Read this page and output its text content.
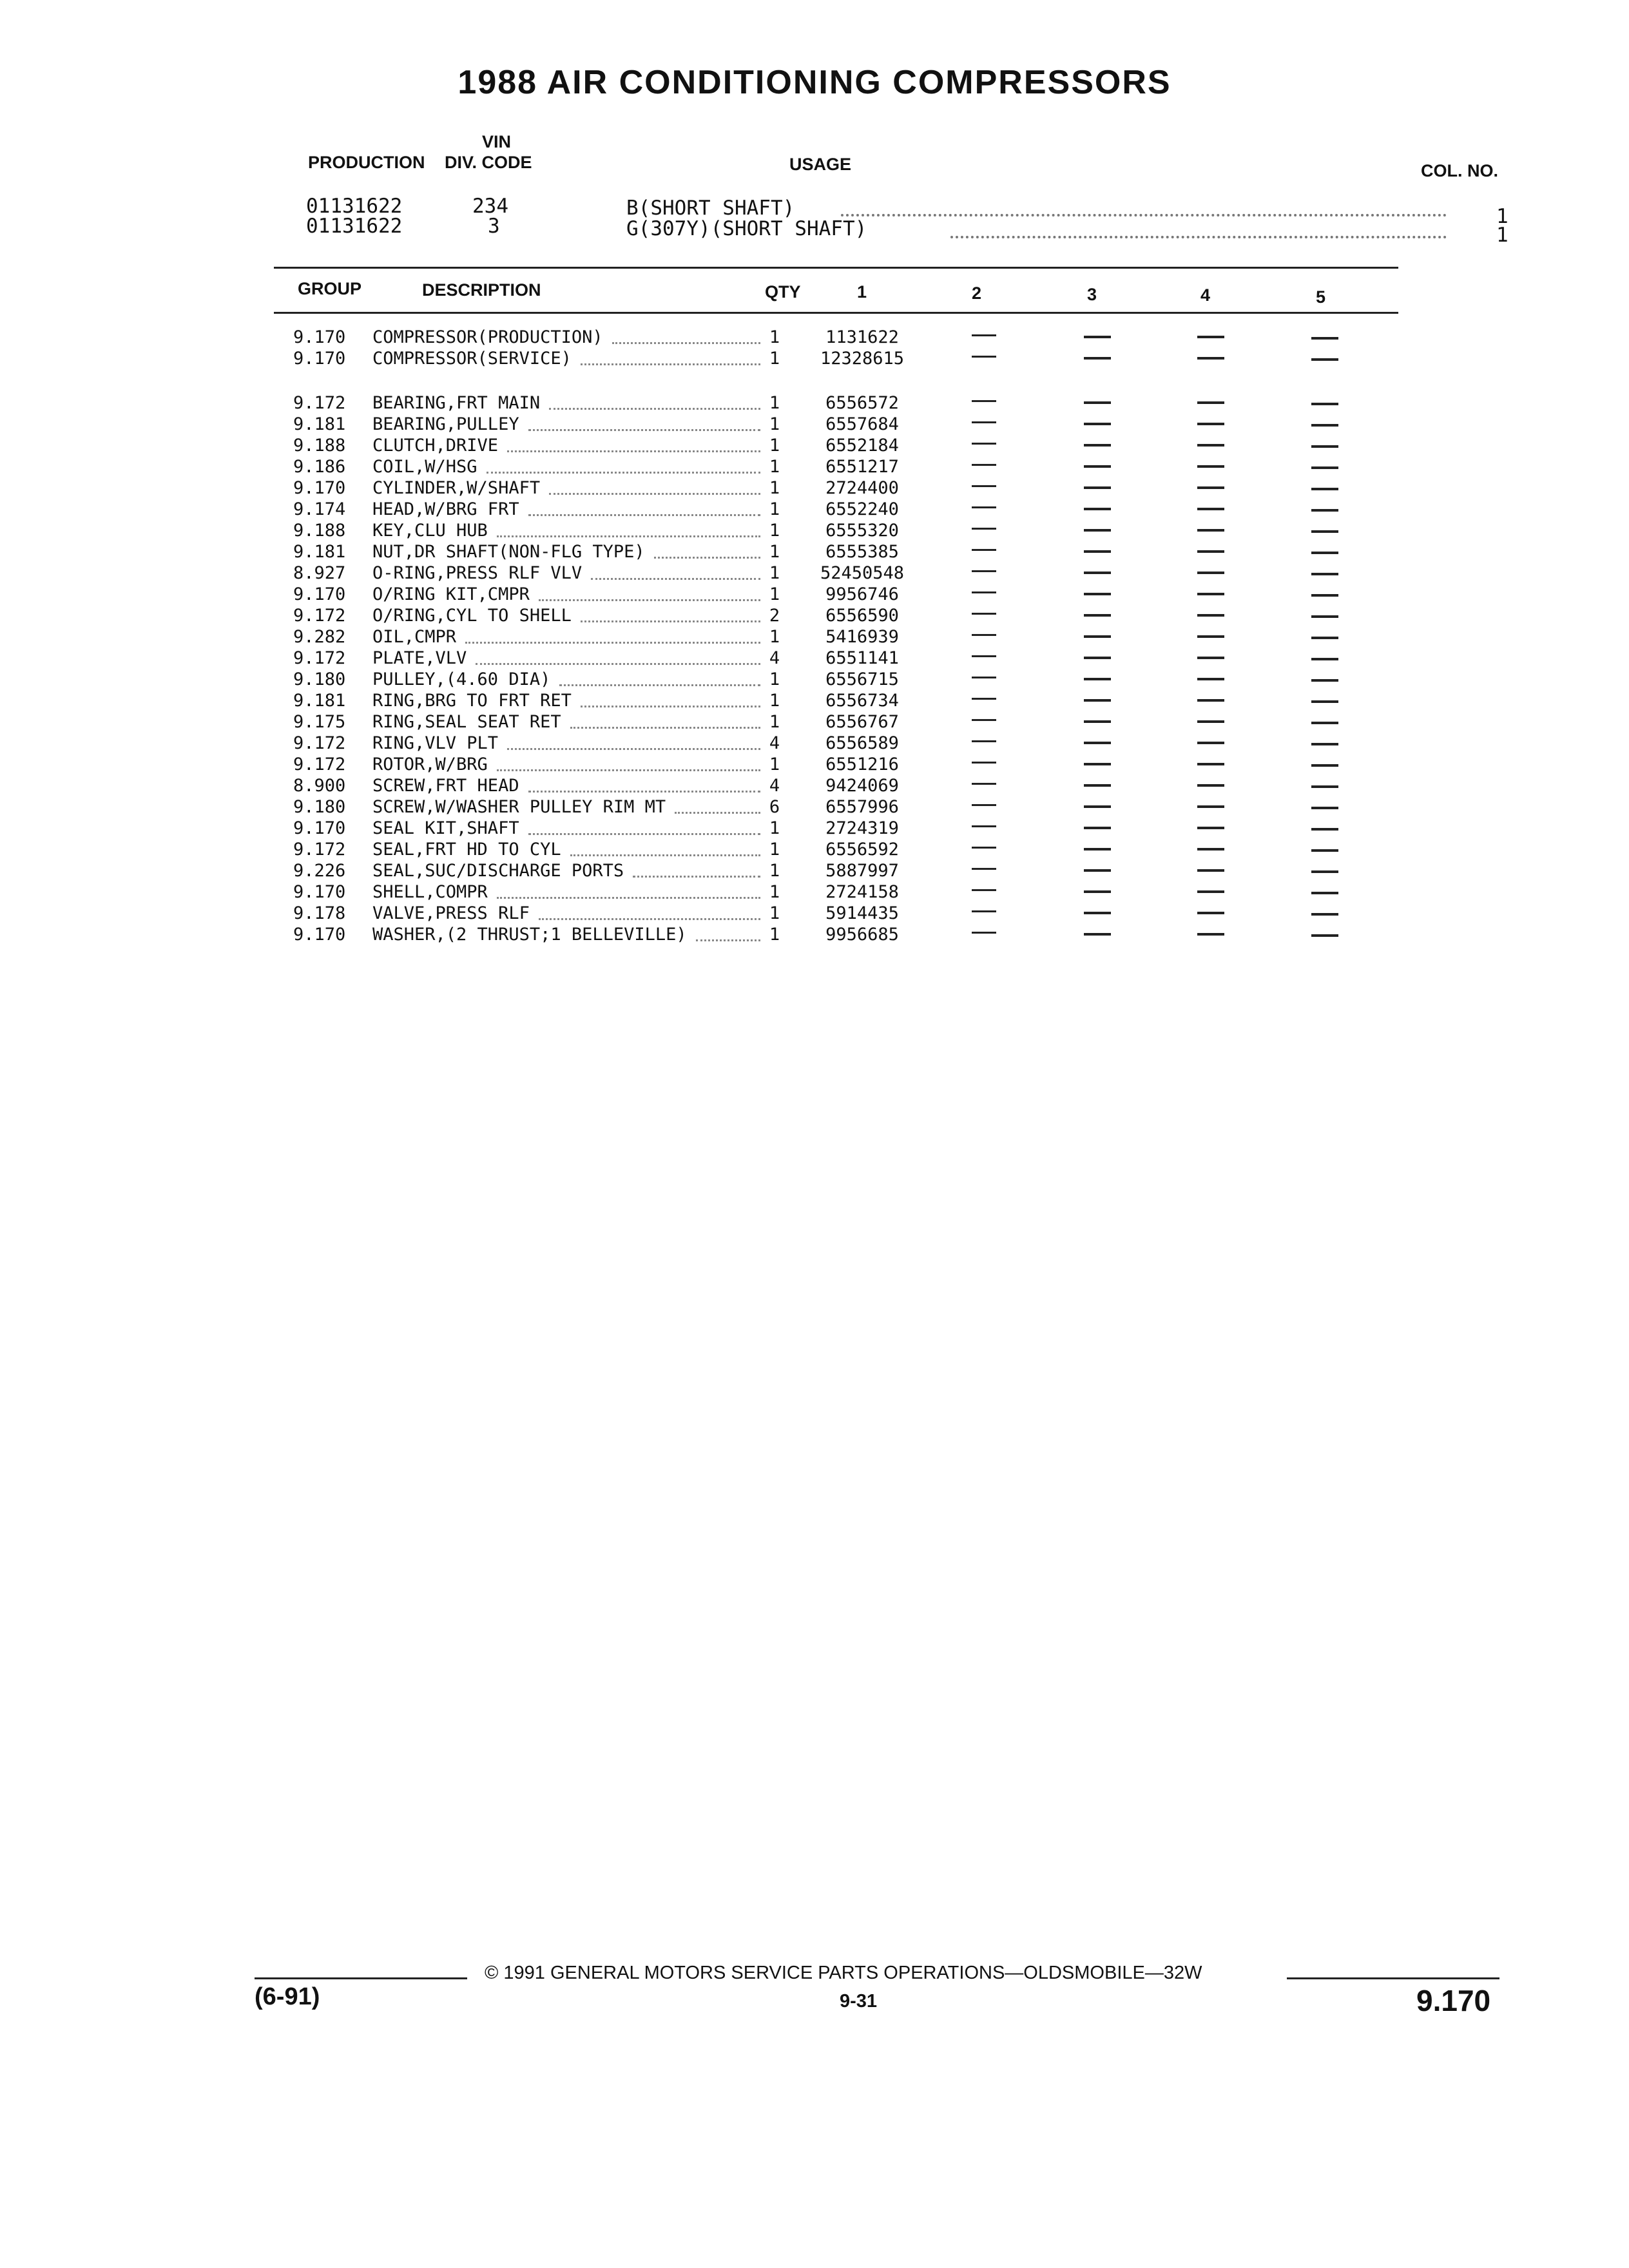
1988 AIR CONDITIONING COMPRESSORS
VIN
PRODUCTION DIV. CODE	USAGE	COL. NO.
01131622	234	B(SHORT SHAFT)	1
01131622	3	G(307Y)(SHORT SHAFT)	1
GROUP	DESCRIPTION	QTY	1	2	3	4	5
9.170 COMPRESSOR(PRODUCTION)	1	1131622
9.170 COMPRESSOR(SERVICE)	1	12328615
9.172 BEARING,FRT MAIN	1	6556572
9.181 BEARING,PULLEY	1	6557684
9.188 CLUTCH,DRIVE	1	6552184
9.186 COIL,W/HSG	1	6551217
9.170 CYLINDER,W/SHAFT	1	2724400
9.174 HEAD,W/BRG FRT	1	6552240
9.188 KEY,CLU HUB	1	6555320
9.181 NUT,DR SHAFT(NON-FLG TYPE)	1	6555385
8.927 O-RING,PRESS RLF VLV	1	52450548
9.170 O/RING KIT,CMPR	1	9956746
9.172 O/RING,CYL TO SHELL	2	6556590
9.282 OIL,CMPR	1	5416939
9.172 PLATE,VLV	4	6551141
9.180 PULLEY,(4.60 DIA)	1	6556715
9.181 RING,BRG TO FRT RET	1	6556734
9.175 RING,SEAL SEAT RET	1	6556767
9.172 RING,VLV PLT	4	6556589
9.172 ROTOR,W/BRG	1	6551216
8.900 SCREW,FRT HEAD	4	9424069
9.180 SCREW,W/WASHER PULLEY RIM MT	6	6557996
9.170 SEAL KIT,SHAFT	1	2724319
9.172 SEAL,FRT HD TO CYL	1	6556592
9.226 SEAL,SUC/DISCHARGE PORTS	1	5887997
9.170 SHELL,COMPR	1	2724158
9.178 VALVE,PRESS RLF	1	5914435
9.170 WASHER,(2 THRUST;1 BELLEVILLE)	1	9956685
© 1991 GENERAL MOTORS SERVICE PARTS OPERATIONS—OLDSMOBILE—32W
(6-91)	9-31	9.170
